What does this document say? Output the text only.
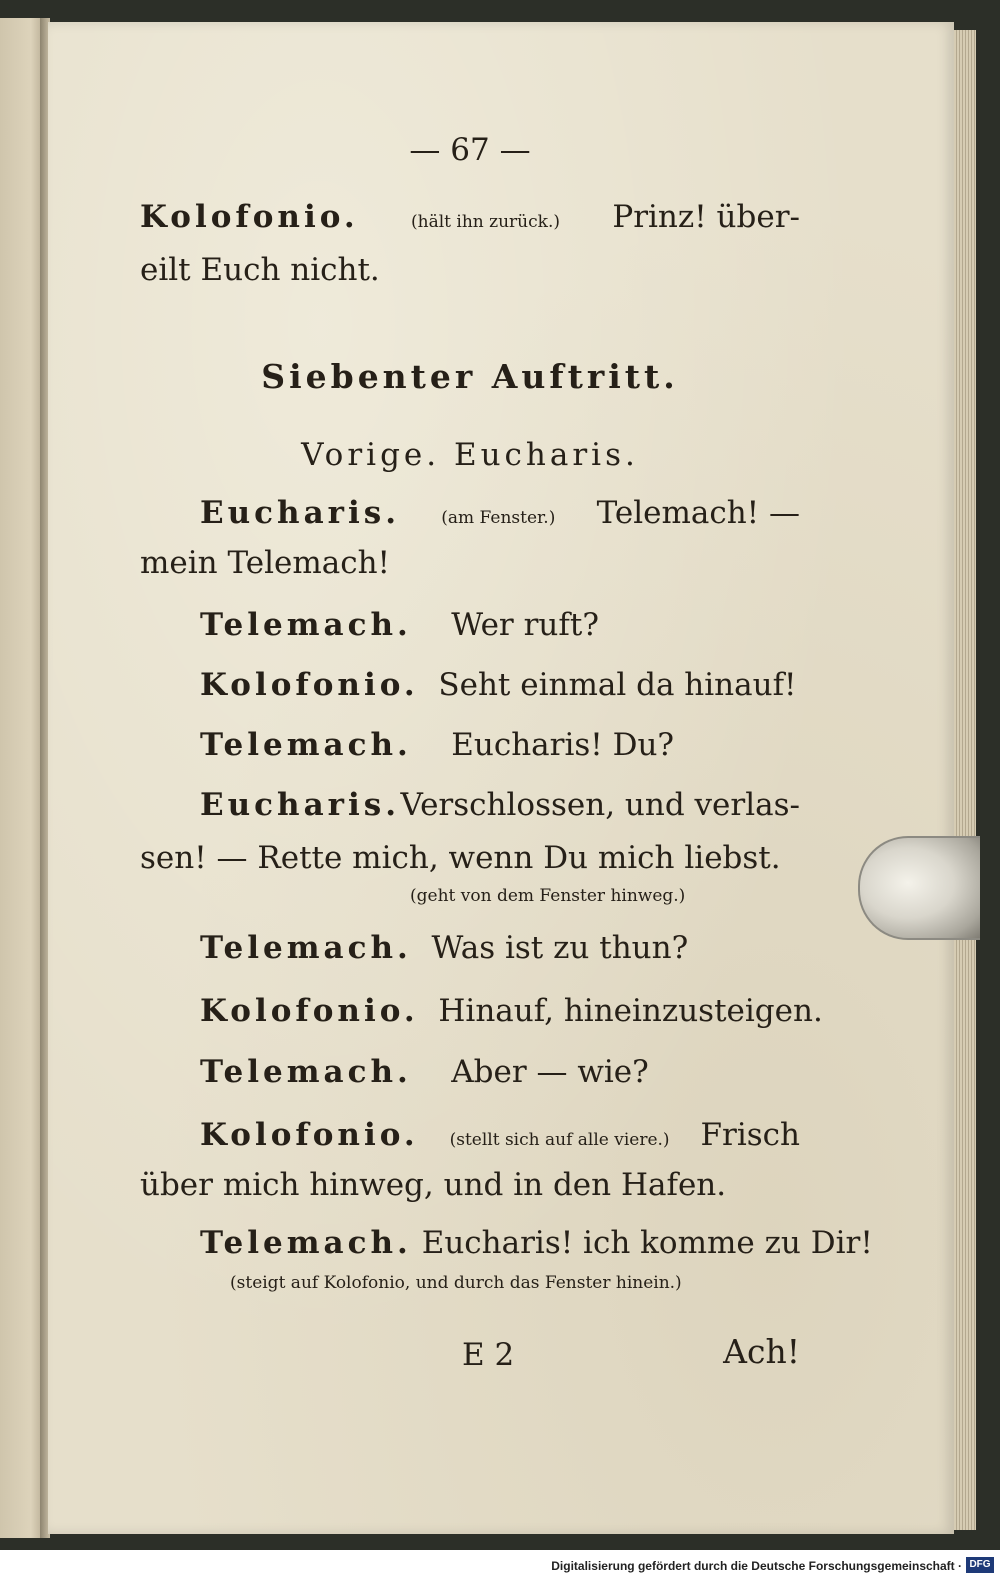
— 67 —
Kolofonio.	(hält ihn zurück.) Prinz! über-
eilt Euch nicht.
Siebenter Auftritt.
Vorige. Eucharis.
Eucharis. (am Fenster.) Telemach! —
mein Telemach!
Telemach. Wer ruft?
Kolofonio. Seht einmal da hinauf!
Telemach. Eucharis! Du?
Eucharis. Verschlossen, und verlas-
sen! — Rette mich, wenn Du mich liebst.
(geht von dem Fenster hinweg.)
Telemach. Was ist zu thun?
Kolofonio. Hinauf, hineinzusteigen.
Telemach. Aber — wie?
Kolofonio. (stellt sich auf alle viere.) Frisch
über mich hinweg, und in den Hafen.
Telemach. Eucharis! ich komme zu Dir!
(steigt auf Kolofonio, und durch das Fenster hinein.)
E 2	Ach!
Digitalisierung gefördert durch die Deutsche Forschungsgemeinschaft · DFG
